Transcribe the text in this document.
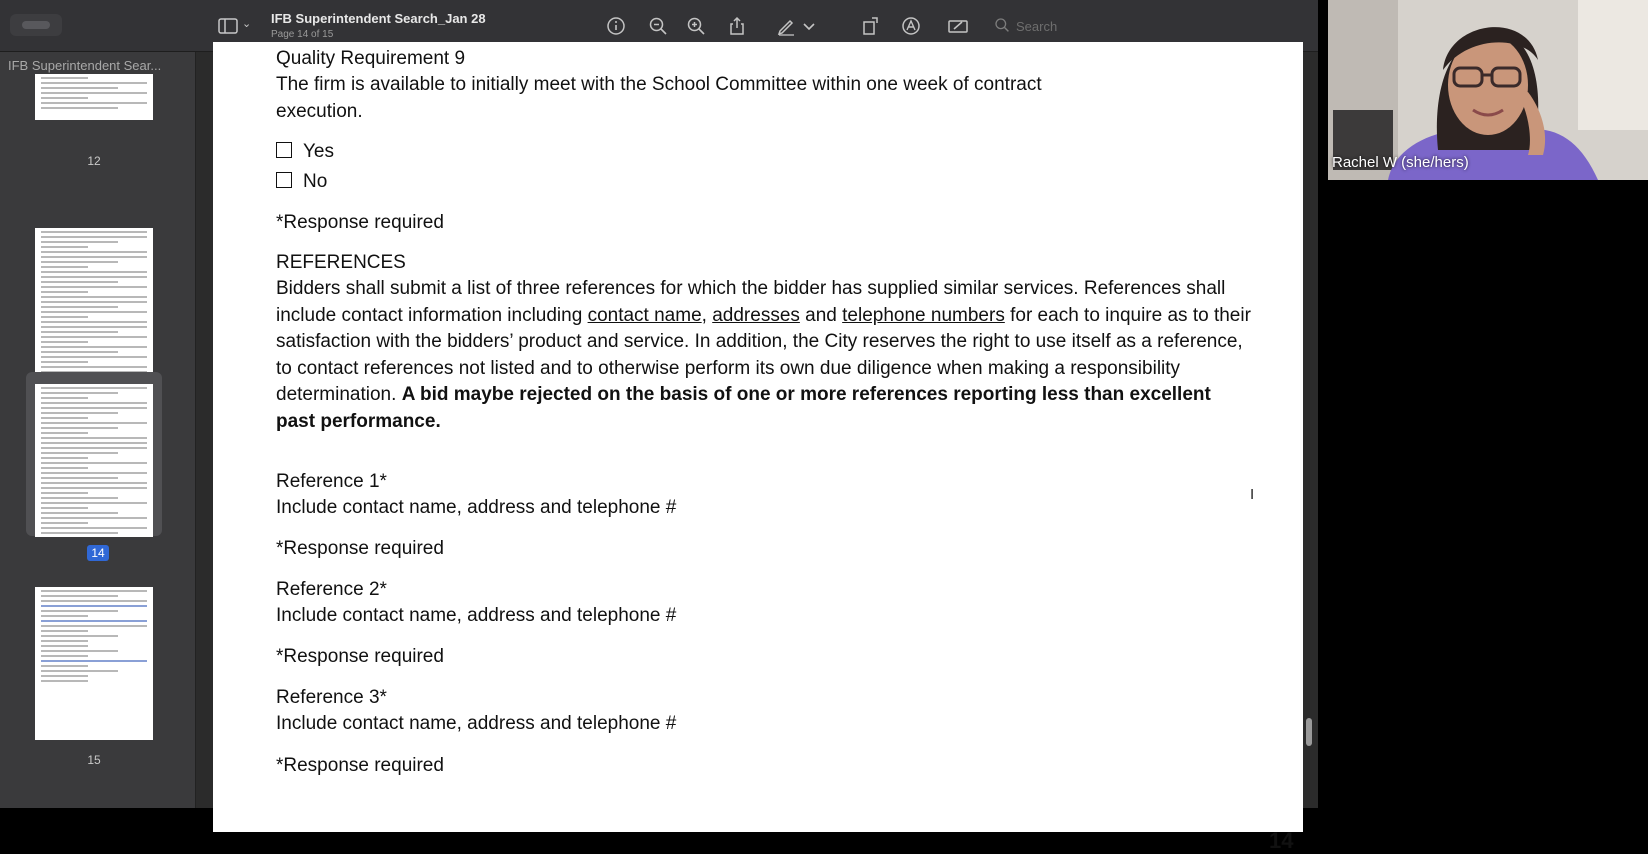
⌄ IFB Superintendent Search_Jan 28
Page 14 of 15
Search
IFB Superintendent Sear...
12
14
15
Quality Requirement 9
The firm is available to initially meet with the School Committee within one week of contract
execution.
Yes
No
*Response required
REFERENCES
Bidders shall submit a list of three references for which the bidder has supplied similar services. References shall include contact information including contact name, addresses and telephone numbers for each to inquire as to their satisfaction with the bidders’ product and service. In addition, the City reserves the right to use itself as a reference, to contact references not listed and to otherwise perform its own due diligence when making a responsibility determination. A bid maybe rejected on the basis of one or more references reporting less than excellent past performance.
Reference 1*
Include contact name, address and telephone #
*Response required
Reference 2*
Include contact name, address and telephone #
*Response required
Reference 3*
Include contact name, address and telephone #
*Response required
14
I
Rachel W (she/hers)
